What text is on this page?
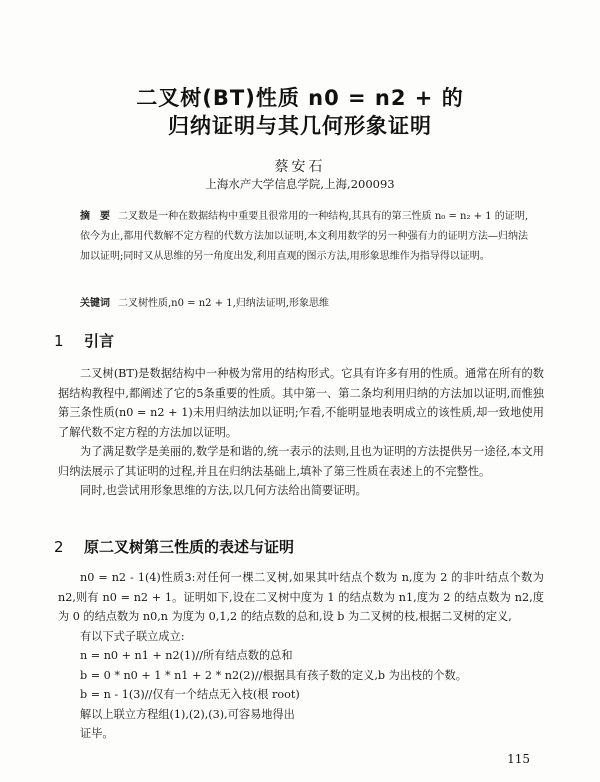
二叉树(BT)性质 n0 = n2 + 的
归纳证明与其几何形象证明
蔡安石
上海水产大学信息学院,上海,200093
摘　要 二叉数是一种在数据结构中重要且很常用的一种结构,其具有的第三性质 n₀ = n₂ + 1 的证明,依今为止,都用代数解不定方程的代数方法加以证明,本文利用数学的另一种强有力的证明方法—归纳法加以证明;同时又从思维的另一角度出发,利用直观的图示方法,用形象思维作为指导得以证明。
关键词 二叉树性质,n0 = n2 + 1,归纳法证明,形象思维
1 引言

二叉树(BT)是数据结构中一种极为常用的结构形式。它具有许多有用的性质。通常在所有的数据结构教程中,都阐述了它的5条重要的性质。其中第一、第二条均利用归纳的方法加以证明,而惟独第三条性质(n0 = n2 + 1)未用归纳法加以证明;乍看,不能明显地表明成立的该性质,却一致地使用了解代数不定方程的方法加以证明。

为了满足数学是美丽的,数学是和谐的,统一表示的法则,且也为证明的方法提供另一途径,本文用归纳法展示了其证明的过程,并且在归纳法基础上,填补了第三性质在表述上的不完整性。

同时,也尝试用形象思维的方法,以几何方法给出简要证明。

2 原二叉树第三性质的表述与证明

n0 = n2 - 1(4)性质3:对任何一棵二叉树,如果其叶结点个数为 n,度为 2 的非叶结点个数为 n2,则有 n0 = n2 + 1。证明如下,设在二叉树中度为 1 的结点数为 n1,度为 2 的结点数为 n2,度为 0 的结点数为 n0,n 为度为 0,1,2 的结点数的总和,设 b 为二叉树的枝,根据二叉树的定义,

有以下式子联立成立:

n = n0 + n1 + n2(1)//所有结点数的总和

b = 0 * n0 + 1 * n1 + 2 * n2(2)//根据具有孩子数的定义,b 为出枝的个数。

b = n - 1(3)//仅有一个结点无入枝(根 root)

解以上联立方程组(1),(2),(3),可容易地得出

证毕。

115
